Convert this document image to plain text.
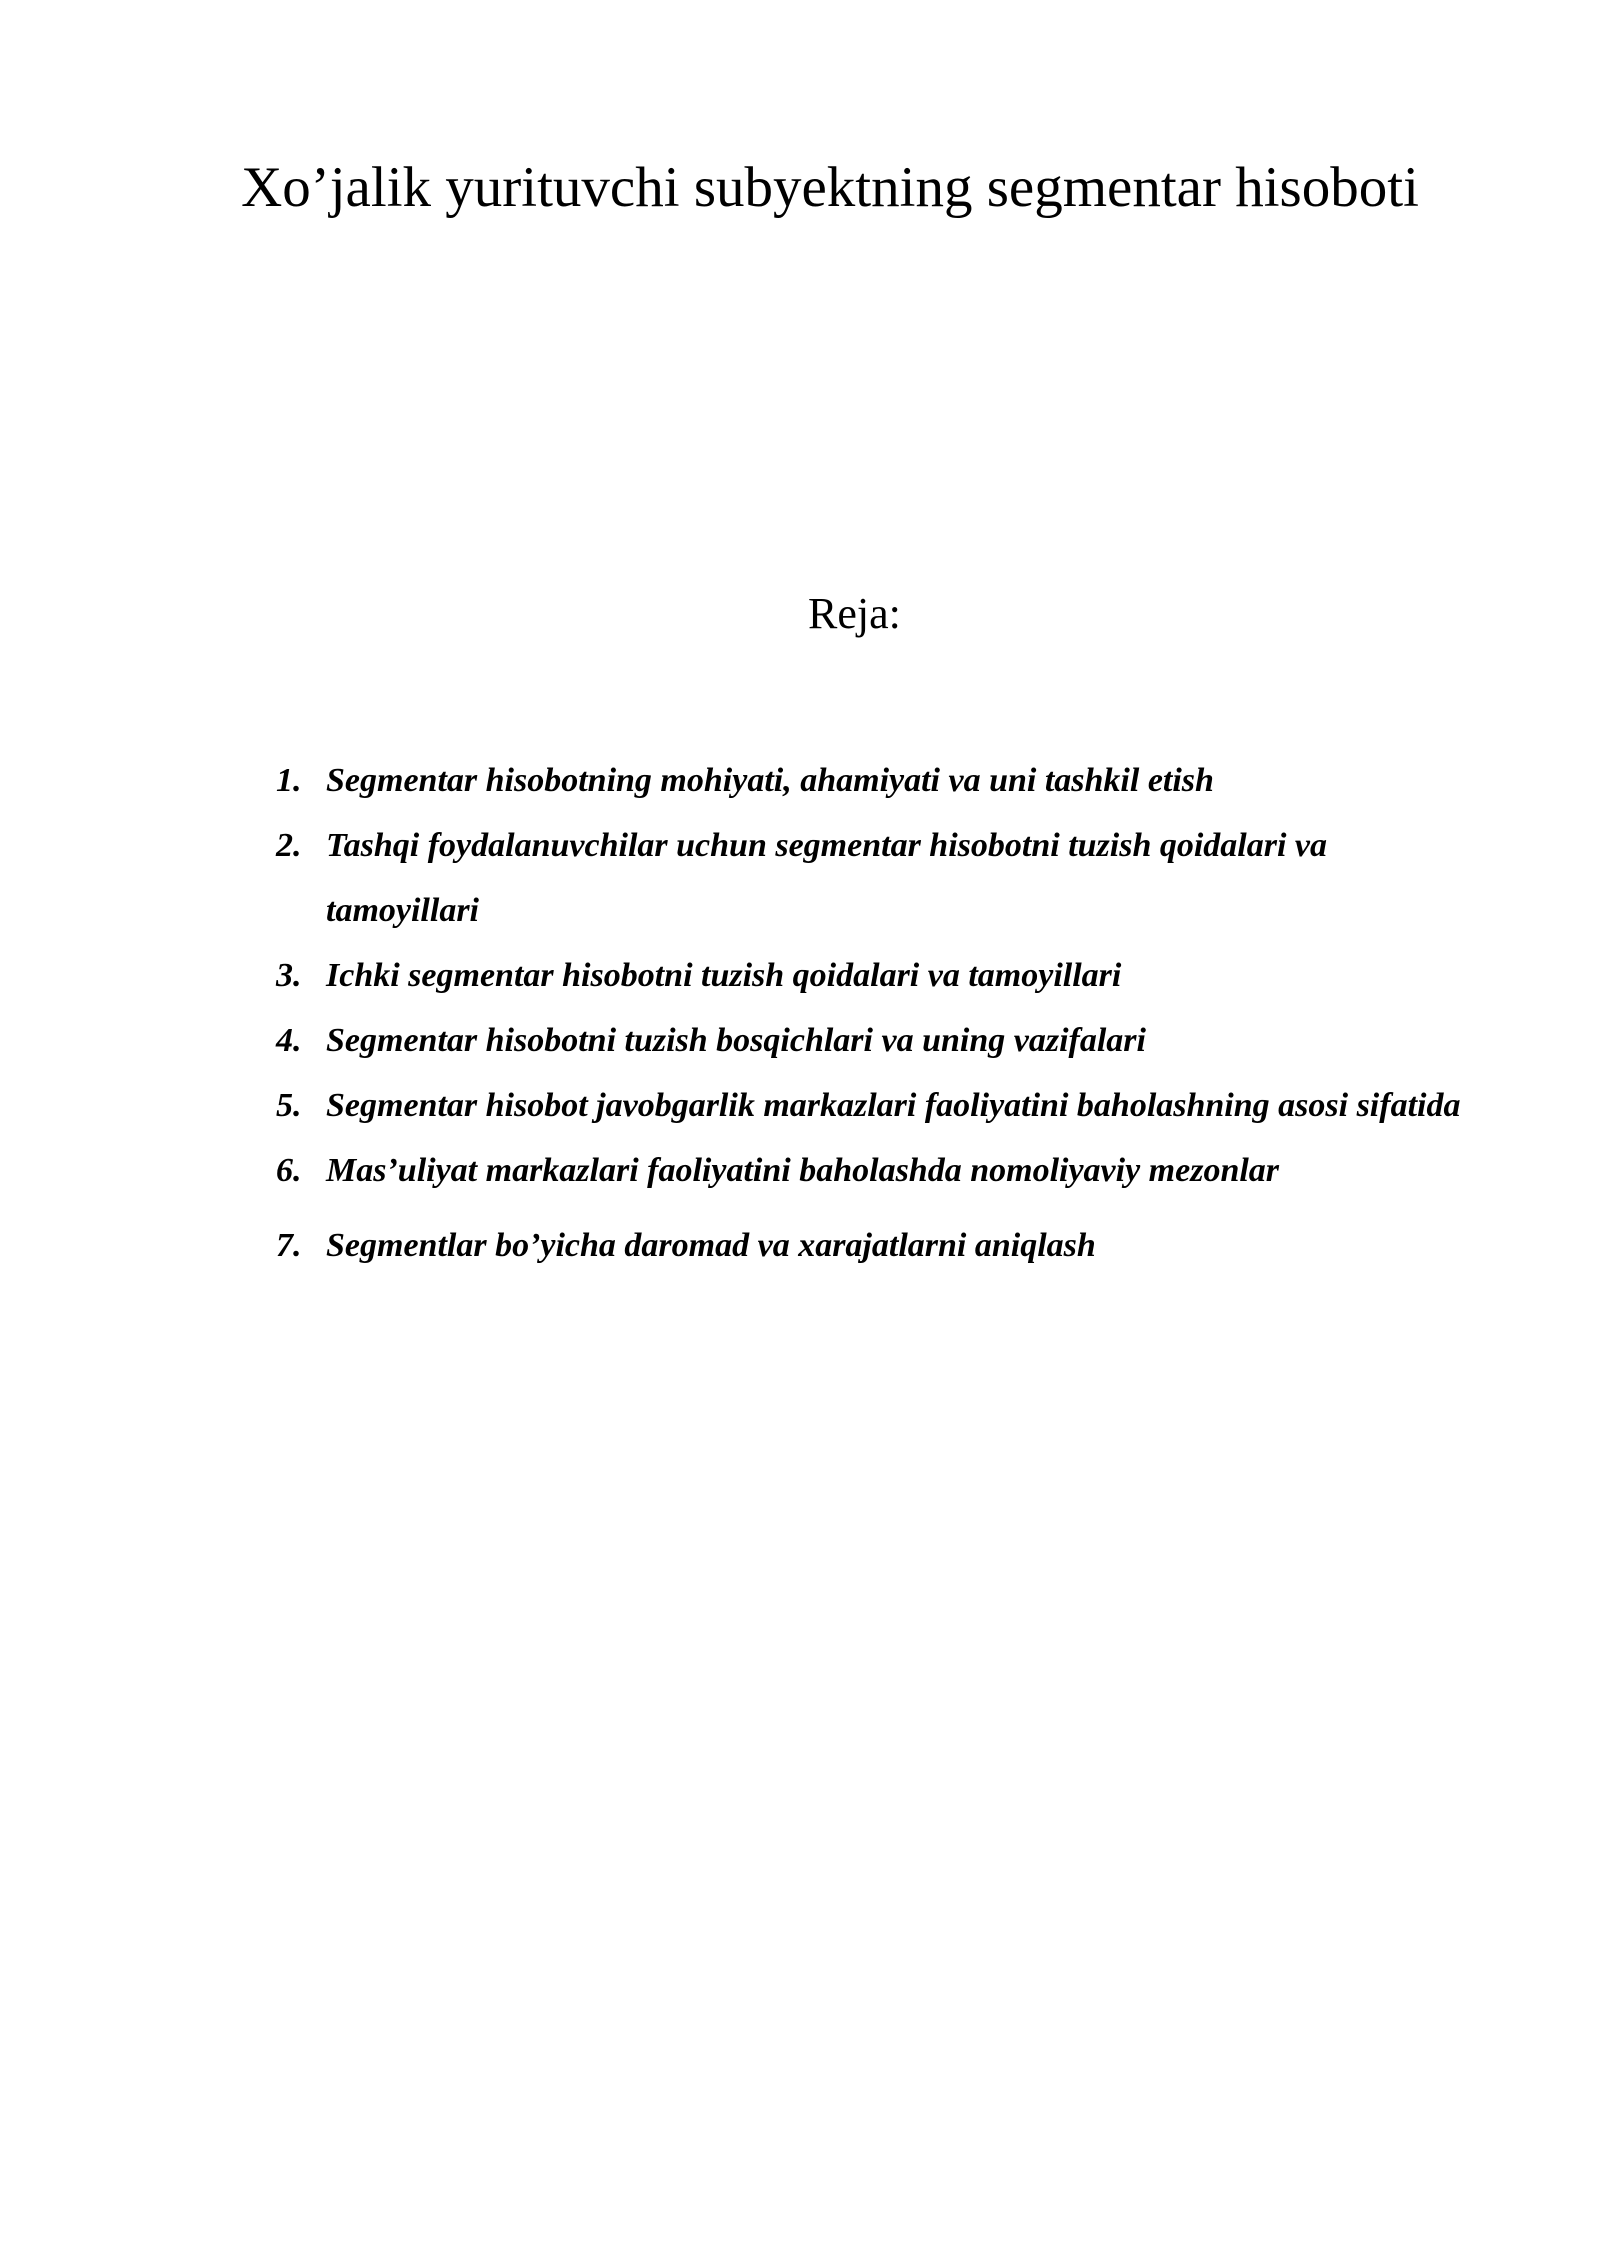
Xo’jalik yurituvchi subyektning segmentar hisoboti
Reja:
1. Segmentar hisobotning mohiyati, ahamiyati va uni tashkil etish
2. Tashqi foydalanuvchilar uchun segmentar hisobotni tuzish qoidalari va tamoyillari
3. Ichki segmentar hisobotni tuzish qoidalari va tamoyillari
4. Segmentar hisobotni tuzish bosqichlari va uning vazifalari
5. Segmentar hisobot javobgarlik markazlari faoliyatini baholashning asosi sifatida
6. Mas’uliyat markazlari faoliyatini baholashda nomoliyaviy mezonlar
7. Segmentlar bo’yicha daromad va xarajatlarni aniqlash
